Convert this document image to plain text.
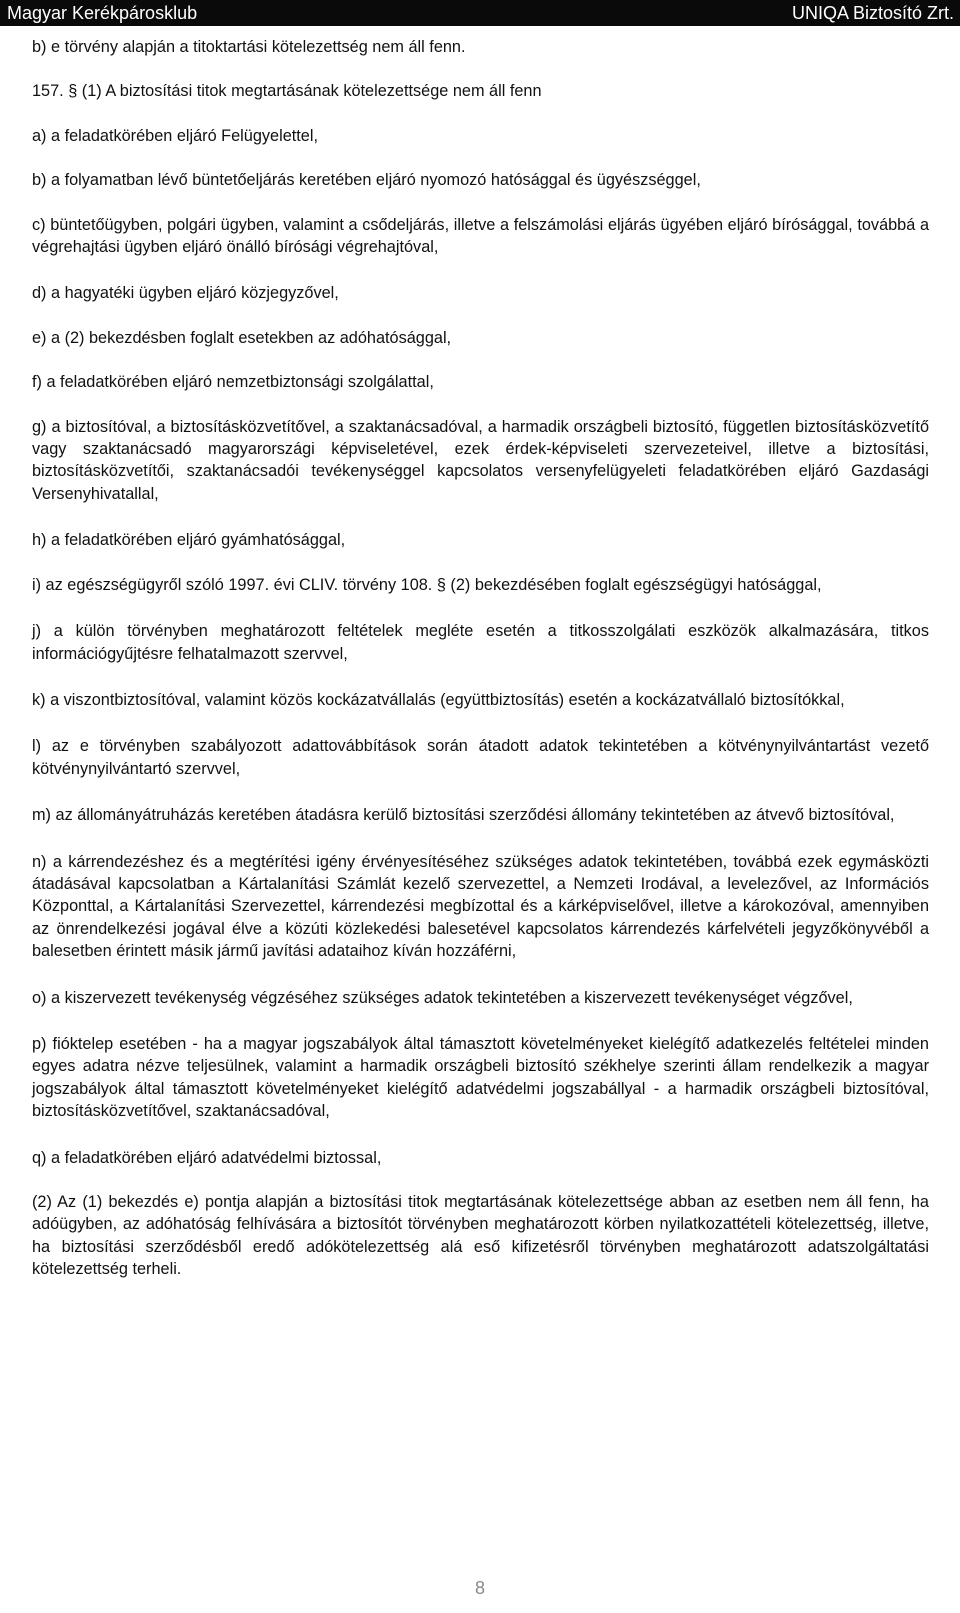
Magyar Kerékpárosklub	UNIQA Biztosító Zrt.

b) e törvény alapján a titoktartási kötelezettség nem áll fenn.

157. § (1) A biztosítási titok megtartásának kötelezettsége nem áll fenn

a) a feladatkörében eljáró Felügyelettel,

b) a folyamatban lévő büntetőeljárás keretében eljáró nyomozó hatósággal és ügyészséggel,

c) büntetőügyben, polgári ügyben, valamint a csődeljárás, illetve a felszámolási eljárás ügyében eljáró bírósággal, továbbá a végrehajtási ügyben eljáró önálló bírósági végrehajtóval,

d) a hagyatéki ügyben eljáró közjegyzővel,

e) a (2) bekezdésben foglalt esetekben az adóhatósággal,

f) a feladatkörében eljáró nemzetbiztonsági szolgálattal,

g) a biztosítóval, a biztosításközvetítővel, a szaktanácsadóval, a harmadik országbeli biztosító, független biztosításközvetítő vagy szaktanácsadó magyarországi képviseletével, ezek érdek-képviseleti szervezeteivel, illetve a biztosítási, biztosításközvetítői, szaktanácsadói tevékenységgel kapcsolatos versenyfelügyeleti feladatkörében eljáró Gazdasági Versenyhivatallal,

h) a feladatkörében eljáró gyámhatósággal,

i) az egészségügyről szóló 1997. évi CLIV. törvény 108. § (2) bekezdésében foglalt egészségügyi hatósággal,

j) a külön törvényben meghatározott feltételek megléte esetén a titkosszolgálati eszközök alkalmazására, titkos információgyűjtésre felhatalmazott szervvel,

k) a viszontbiztosítóval, valamint közös kockázatvállalás (együttbiztosítás) esetén a kockázatvállaló biztosítókkal,

l) az e törvényben szabályozott adattovábbítások során átadott adatok tekintetében a kötvénynyilvántartást vezető kötvénynyilvántartó szervvel,

m) az állományátruházás keretében átadásra kerülő biztosítási szerződési állomány tekintetében az átvevő biztosítóval,

n) a kárrendezéshez és a megtérítési igény érvényesítéséhez szükséges adatok tekintetében, továbbá ezek egymásközti átadásával kapcsolatban a Kártalanítási Számlát kezelő szervezettel, a Nemzeti Irodával, a levelezővel, az Információs Központtal, a Kártalanítási Szervezettel, kárrendezési megbízottal és a kárképviselővel, illetve a károkozóval, amennyiben az önrendelkezési jogával élve a közúti közlekedési balesetével kapcsolatos kárrendezés kárfelvételi jegyzőkönyvéből a balesetben érintett másik jármű javítási adataihoz kíván hozzáférni,

o) a kiszervezett tevékenység végzéséhez szükséges adatok tekintetében a kiszervezett tevékenységet végzővel,

p) fióktelep esetében - ha a magyar jogszabályok által támasztott követelményeket kielégítő adatkezelés feltételei minden egyes adatra nézve teljesülnek, valamint a harmadik országbeli biztosító székhelye szerinti állam rendelkezik a magyar jogszabályok által támasztott követelményeket kielégítő adatvédelmi jogszabállyal - a harmadik országbeli biztosítóval, biztosításközvetítővel, szaktanácsadóval,

q) a feladatkörében eljáró adatvédelmi biztossal,

(2) Az (1) bekezdés e) pontja alapján a biztosítási titok megtartásának kötelezettsége abban az esetben nem áll fenn, ha adóügyben, az adóhatóság felhívására a biztosítót törvényben meghatározott körben nyilatkozattételi kötelezettség, illetve, ha biztosítási szerződésből eredő adókötelezettség alá eső kifizetésről törvényben meghatározott adatszolgáltatási kötelezettség terheli.

8
